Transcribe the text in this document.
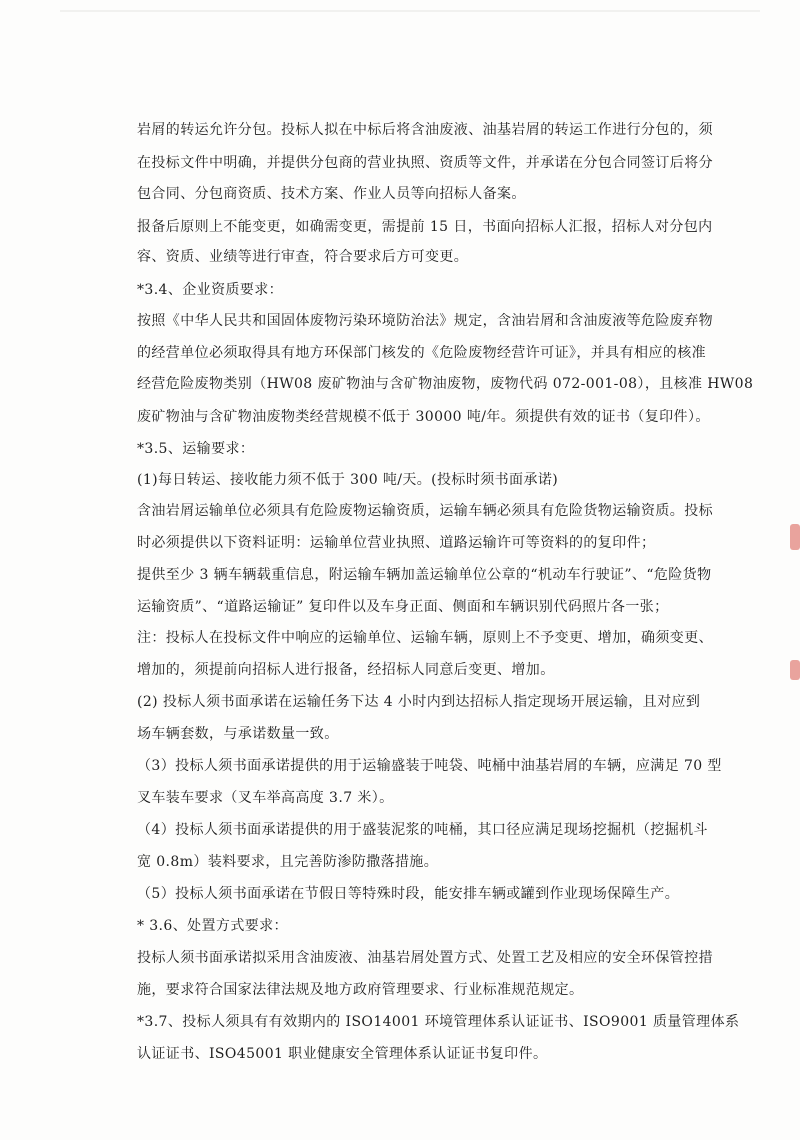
岩屑的转运允许分包。投标人拟在中标后将含油废液、油基岩屑的转运工作进行分包的，须
在投标文件中明确，并提供分包商的营业执照、资质等文件，并承诺在分包合同签订后将分
包合同、分包商资质、技术方案、作业人员等向招标人备案。
报备后原则上不能变更，如确需变更，需提前 15 日，书面向招标人汇报，招标人对分包内
容、资质、业绩等进行审查，符合要求后方可变更。
*3.4、企业资质要求：
按照《中华人民共和国固体废物污染环境防治法》规定，含油岩屑和含油废液等危险废弃物
的经营单位必须取得具有地方环保部门核发的《危险废物经营许可证》，并具有相应的核准
经营危险废物类别（HW08 废矿物油与含矿物油废物，废物代码 072-001-08），且核准 HW08
废矿物油与含矿物油废物类经营规模不低于 30000 吨/年。须提供有效的证书（复印件）。
*3.5、运输要求：
(1)每日转运、接收能力须不低于 300 吨/天。(投标时须书面承诺)
含油岩屑运输单位必须具有危险废物运输资质，运输车辆必须具有危险货物运输资质。投标
时必须提供以下资料证明：运输单位营业执照、道路运输许可等资料的的复印件；
提供至少 3 辆车辆载重信息，附运输车辆加盖运输单位公章的“机动车行驶证”、“危险货物
运输资质”、“道路运输证” 复印件以及车身正面、侧面和车辆识别代码照片各一张；
注：投标人在投标文件中响应的运输单位、运输车辆，原则上不予变更、增加，确须变更、
增加的，须提前向招标人进行报备，经招标人同意后变更、增加。
(2) 投标人须书面承诺在运输任务下达 4 小时内到达招标人指定现场开展运输，且对应到
场车辆套数，与承诺数量一致。
（3）投标人须书面承诺提供的用于运输盛装于吨袋、吨桶中油基岩屑的车辆，应满足 70 型
叉车装车要求（叉车举高高度 3.7 米）。
（4）投标人须书面承诺提供的用于盛装泥浆的吨桶，其口径应满足现场挖掘机（挖掘机斗
宽 0.8m）装料要求，且完善防渗防撒落措施。
（5）投标人须书面承诺在节假日等特殊时段，能安排车辆或罐到作业现场保障生产。
* 3.6、处置方式要求：
投标人须书面承诺拟采用含油废液、油基岩屑处置方式、处置工艺及相应的安全环保管控措
施，要求符合国家法律法规及地方政府管理要求、行业标准规范规定。
*3.7、投标人须具有有效期内的 ISO14001 环境管理体系认证证书、ISO9001 质量管理体系
认证证书、ISO45001 职业健康安全管理体系认证证书复印件。
